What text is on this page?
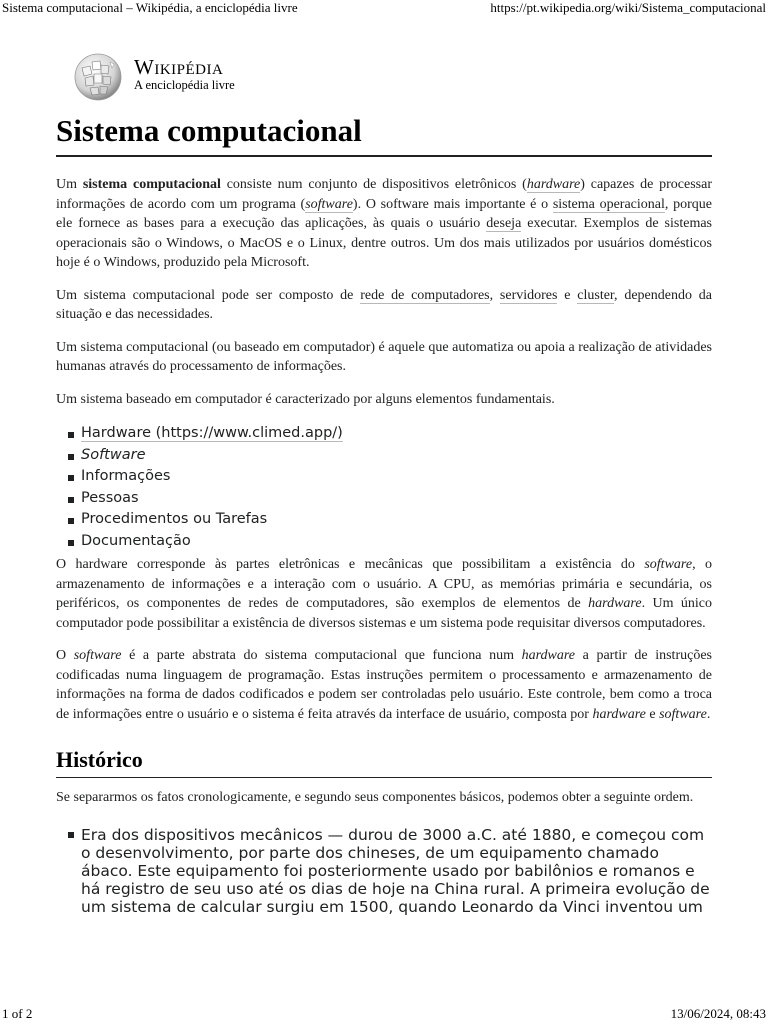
Sistema computacional – Wikipédia, a enciclopédia livre	https://pt.wikipedia.org/wiki/Sistema_computacional
Wikipédia
A enciclopédia livre
Sistema computacional

Um sistema computacional consiste num conjunto de dispositivos eletrônicos (hardware) capazes de processar informações de acordo com um programa (software). O software mais importante é o sistema operacional, porque ele fornece as bases para a execução das aplicações, às quais o usuário deseja executar. Exemplos de sistemas operacionais são o Windows, o MacOS e o Linux, dentre outros. Um dos mais utilizados por usuários domésticos hoje é o Windows, produzido pela Microsoft.

Um sistema computacional pode ser composto de rede de computadores, servidores e cluster, dependendo da situação e das necessidades.

Um sistema computacional (ou baseado em computador) é aquele que automatiza ou apoia a realização de atividades humanas através do processamento de informações.

Um sistema baseado em computador é caracterizado por alguns elementos fundamentais.

Hardware (https://www.climed.app/)
Software
Informações
Pessoas
Procedimentos ou Tarefas
Documentação

O hardware corresponde às partes eletrônicas e mecânicas que possibilitam a existência do software, o armazenamento de informações e a interação com o usuário. A CPU, as memórias primária e secundária, os periféricos, os componentes de redes de computadores, são exemplos de elementos de hardware. Um único computador pode possibilitar a existência de diversos sistemas e um sistema pode requisitar diversos computadores.

O software é a parte abstrata do sistema computacional que funciona num hardware a partir de instruções codificadas numa linguagem de programação. Estas instruções permitem o processamento e armazenamento de informações na forma de dados codificados e podem ser controladas pelo usuário. Este controle, bem como a troca de informações entre o usuário e o sistema é feita através da interface de usuário, composta por hardware e software.

Histórico

Se separarmos os fatos cronologicamente, e segundo seus componentes básicos, podemos obter a seguinte ordem.

Era dos dispositivos mecânicos — durou de 3000 a.C. até 1880, e começou com o desenvolvimento, por parte dos chineses, de um equipamento chamado ábaco. Este equipamento foi posteriormente usado por babilônios e romanos e há registro de seu uso até os dias de hoje na China rural. A primeira evolução de um sistema de calcular surgiu em 1500, quando Leonardo da Vinci inventou um
1 of 2	13/06/2024, 08:43
